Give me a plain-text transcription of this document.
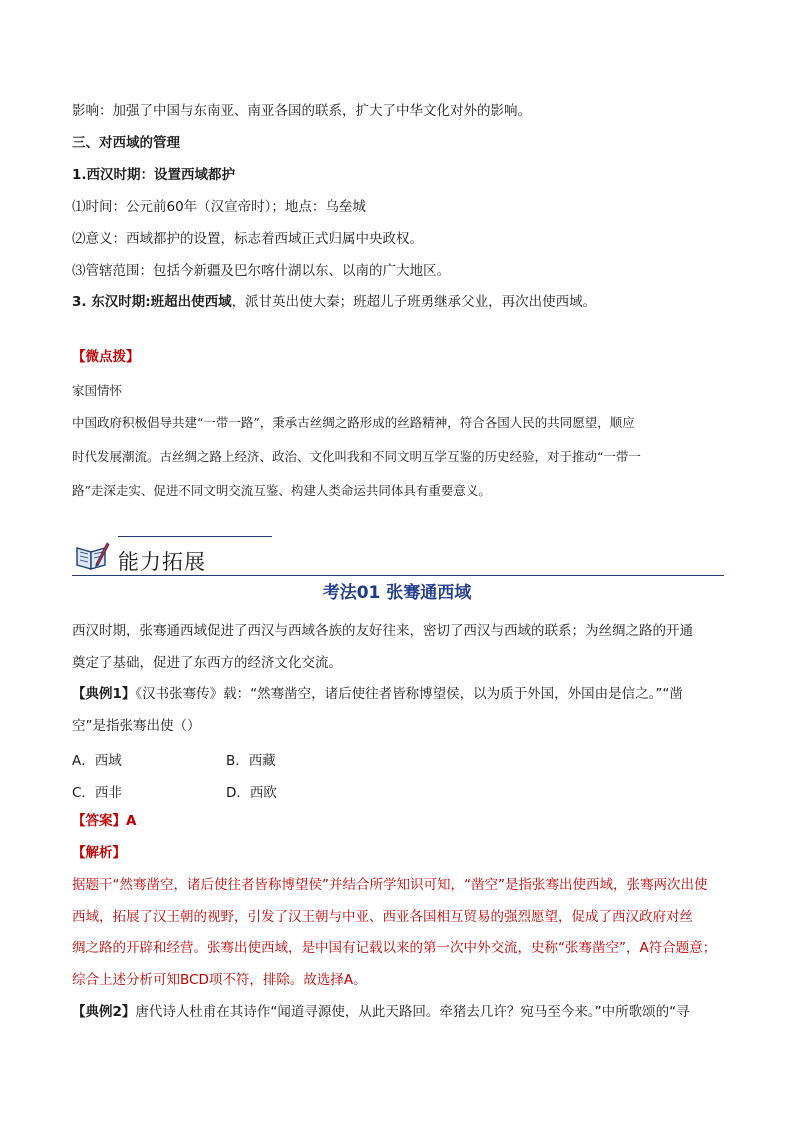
影响：加强了中国与东南亚、南亚各国的联系，扩大了中华文化对外的影响。
三、对西域的管理
1.西汉时期：设置西域都护
⑴时间：公元前60年（汉宣帝时）；地点：乌垒城
⑵意义：西域都护的设置，标志着西域正式归属中央政权。
⑶管辖范围：包括今新疆及巴尔喀什湖以东、以南的广大地区。
3. 东汉时期:班超出使西域，派甘英出使大秦；班超儿子班勇继承父业，再次出使西域。
【微点拨】
家国情怀
中国政府积极倡导共建“一带一路”，秉承古丝绸之路形成的丝路精神，符合各国人民的共同愿望，顺应
时代发展潮流。古丝绸之路上经济、政治、文化叫我和不同文明互学互鉴的历史经验，对于推动“一带一
路”走深走实、促进不同文明交流互鉴、构建人类命运共同体具有重要意义。
能力拓展
考法01 张骞通西域
西汉时期，张骞通西域促进了西汉与西域各族的友好往来，密切了西汉与西域的联系；为丝绸之路的开通
奠定了基础，促进了东西方的经济文化交流。
【典例1】《汉书张骞传》载：“然骞凿空，诸后使往者皆称博望侯，以为质于外国，外国由是信之。”“凿
空”是指张骞出使（）
A．西域	B．西藏
C．西非	D．西欧
【答案】A
【解析】
据题干“然骞凿空，诸后使往者皆称博望侯”并结合所学知识可知，“凿空”是指张骞出使西域，张骞两次出使
西域，拓展了汉王朝的视野，引发了汉王朝与中亚、西亚各国相互贸易的强烈愿望，促成了西汉政府对丝
绸之路的开辟和经营。张骞出使西域，是中国有记载以来的第一次中外交流，史称“张骞凿空”，A符合题意；
综合上述分析可知BCD项不符，排除。故选择A。
【典例2】唐代诗人杜甫在其诗作“闻道寻源使，从此天路回。牵猪去几许？宛马至今来。”中所歌颂的“寻
